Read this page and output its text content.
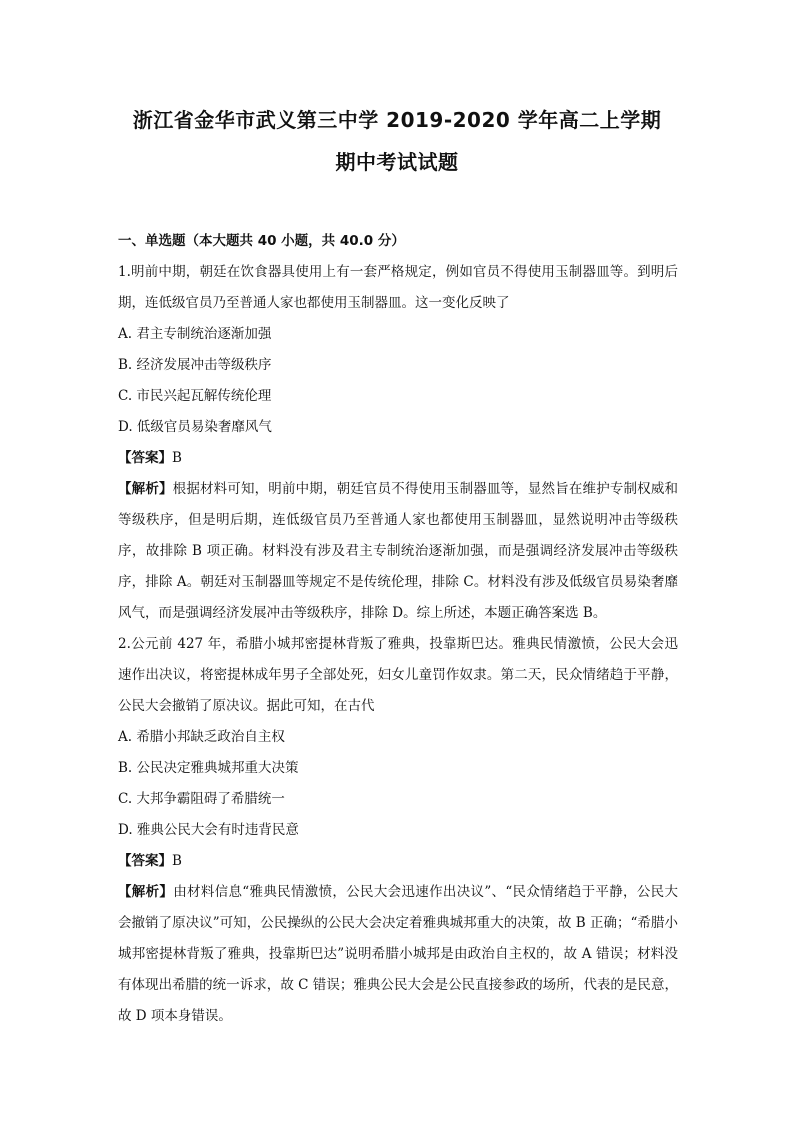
浙江省金华市武义第三中学 2019-2020 学年高二上学期
期中考试试题

一、单选题（本大题共 40 小题，共 40.0 分）

1.明前中期，朝廷在饮食器具使用上有一套严格规定，例如官员不得使用玉制器皿等。到明后期，连低级官员乃至普通人家也都使用玉制器皿。这一变化反映了

A. 君主专制统治逐渐加强

B. 经济发展冲击等级秩序

C. 市民兴起瓦解传统伦理

D. 低级官员易染奢靡风气

【答案】B

【解析】根据材料可知，明前中期，朝廷官员不得使用玉制器皿等，显然旨在维护专制权威和等级秩序，但是明后期，连低级官员乃至普通人家也都使用玉制器皿，显然说明冲击等级秩序，故排除 B 项正确。材料没有涉及君主专制统治逐渐加强，而是强调经济发展冲击等级秩序，排除 A。朝廷对玉制器皿等规定不是传统伦理，排除 C。材料没有涉及低级官员易染奢靡风气，而是强调经济发展冲击等级秩序，排除 D。综上所述，本题正确答案选 B。

2.公元前 427 年，希腊小城邦密提林背叛了雅典，投靠斯巴达。雅典民情激愤，公民大会迅速作出决议，将密提林成年男子全部处死，妇女儿童罚作奴隶。第二天，民众情绪趋于平静，公民大会撤销了原决议。据此可知，在古代

A. 希腊小邦缺乏政治自主权

B. 公民决定雅典城邦重大决策

C. 大邦争霸阻碍了希腊统一

D. 雅典公民大会有时违背民意

【答案】B

【解析】由材料信息“雅典民情激愤，公民大会迅速作出决议”、“民众情绪趋于平静，公民大会撤销了原决议”可知，公民操纵的公民大会决定着雅典城邦重大的决策，故 B 正确；“希腊小城邦密提林背叛了雅典，投靠斯巴达”说明希腊小城邦是由政治自主权的，故 A 错误；材料没有体现出希腊的统一诉求，故 C 错误；雅典公民大会是公民直接参政的场所，代表的是民意，故 D 项本身错误。
